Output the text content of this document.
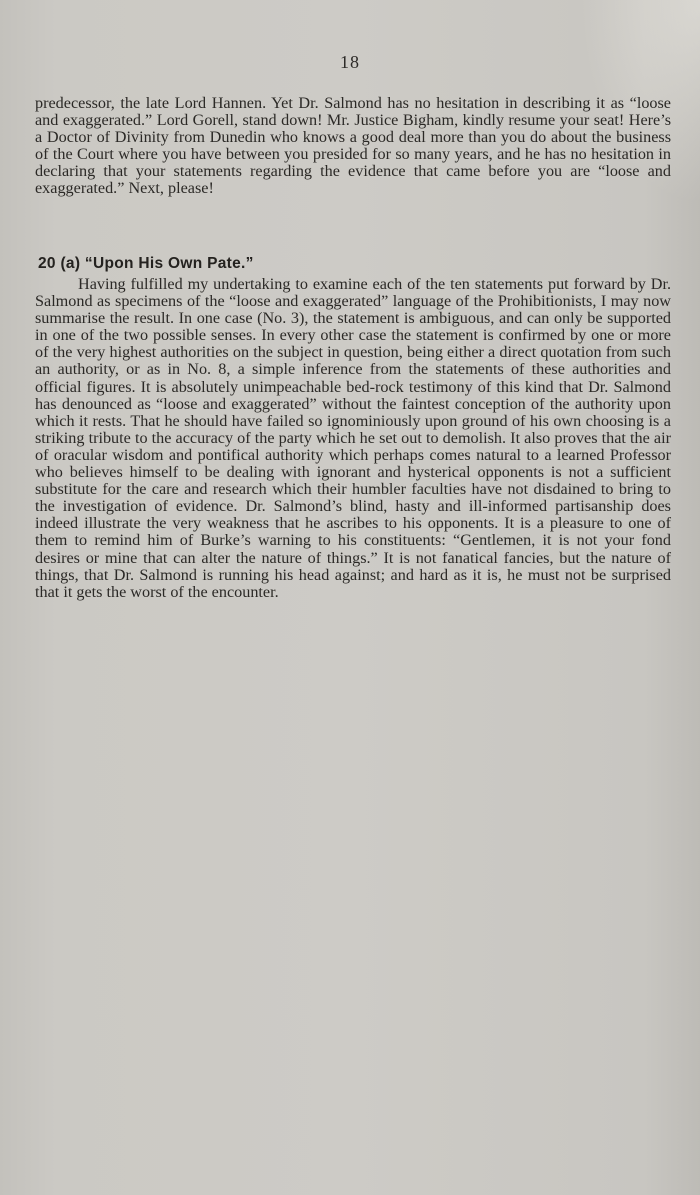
18

predecessor, the late Lord Hannen. Yet Dr. Salmond has no hesitation in describing it as “loose and exaggerated.” Lord Gorell, stand down! Mr. Justice Bigham, kindly resume your seat! Here’s a Doctor of Divinity from Dunedin who knows a good deal more than you do about the business of the Court where you have between you presided for so many years, and he has no hesitation in declaring that your statements regarding the evidence that came before you are “loose and exaggerated.” Next, please!

20 (a) “Upon His Own Pate.”

Having fulfilled my undertaking to examine each of the ten statements put forward by Dr. Salmond as specimens of the “loose and exaggerated” language of the Prohibitionists, I may now summarise the result. In one case (No. 3), the statement is ambiguous, and can only be supported in one of the two possible senses. In every other case the statement is confirmed by one or more of the very highest authorities on the subject in question, being either a direct quotation from such an authority, or as in No. 8, a simple inference from the statements of these authorities and official figures. It is absolutely unimpeachable bed-rock testimony of this kind that Dr. Salmond has denounced as “loose and exaggerated” without the faintest conception of the authority upon which it rests. That he should have failed so ignominiously upon ground of his own choosing is a striking tribute to the accuracy of the party which he set out to demolish. It also proves that the air of oracular wisdom and pontifical authority which perhaps comes natural to a learned Professor who believes himself to be dealing with ignorant and hysterical opponents is not a sufficient substitute for the care and research which their humbler faculties have not disdained to bring to the investigation of evidence. Dr. Salmond’s blind, hasty and ill-informed partisanship does indeed illustrate the very weakness that he ascribes to his opponents. It is a pleasure to one of them to remind him of Burke’s warning to his constituents: “Gentlemen, it is not your fond desires or mine that can alter the nature of things.” It is not fanatical fancies, but the nature of things, that Dr. Salmond is running his head against; and hard as it is, he must not be surprised that it gets the worst of the encounter.
